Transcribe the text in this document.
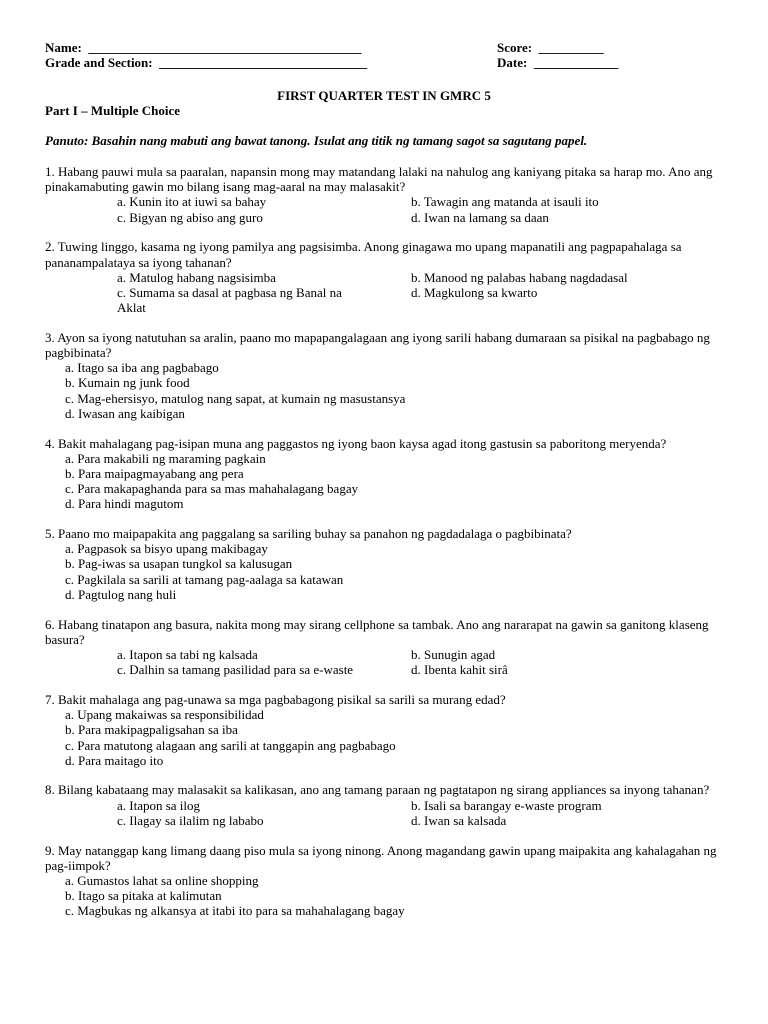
Name:  __________________________________________
Grade and Section:  ________________________________
Score:  __________
Date:  _____________
FIRST QUARTER TEST IN GMRC 5
Part I – Multiple Choice
Panuto: Basahin nang mabuti ang bawat tanong. Isulat ang titik ng tamang sagot sa sagutang papel.
1. Habang pauwi mula sa paaralan, napansin mong may matandang lalaki na nahulog ang kaniyang pitaka sa harap mo. Ano ang pinakamabuting gawin mo bilang isang mag-aaral na may malasakit?
a. Kunin ito at iuwi sa bahay	b. Tawagin ang matanda at isauli ito
c. Bigyan ng abiso ang guro	d. Iwan na lamang sa daan
2. Tuwing linggo, kasama ng iyong pamilya ang pagsisimba. Anong ginagawa mo upang mapanatili ang pagpapahalaga sa pananampalataya sa iyong tahanan?
a. Matulog habang nagsisimba	b. Manood ng palabas habang nagdadasal
c. Sumama sa dasal at pagbasa ng Banal na Aklat
d. Magkulong sa kwarto
3. Ayon sa iyong natutuhan sa aralin, paano mo mapapangalagaan ang iyong sarili habang dumaraan sa pisikal na pagbabago ng pagbibinata?
a. Itago sa iba ang pagbabago
b. Kumain ng junk food
c. Mag-ehersisyo, matulog nang sapat, at kumain ng masustansya
d. Iwasan ang kaibigan
4. Bakit mahalagang pag-isipan muna ang paggastos ng iyong baon kaysa agad itong gastusin sa paboritong meryenda?
a. Para makabili ng maraming pagkain
b. Para maipagmayabang ang pera
c. Para makapaghanda para sa mas mahahalagang bagay
d. Para hindi magutom
5. Paano mo maipapakita ang paggalang sa sariling buhay sa panahon ng pagdadalaga o pagbibinata?
a. Pagpasok sa bisyo upang makibagay
b. Pag-iwas sa usapan tungkol sa kalusugan
c. Pagkilala sa sarili at tamang pag-aalaga sa katawan
d. Pagtulog nang huli
6. Habang tinatapon ang basura, nakita mong may sirang cellphone sa tambak. Ano ang nararapat na gawin sa ganitong klaseng basura?
a. Itapon sa tabi ng kalsada	b. Sunugin agad
c. Dalhin sa tamang pasilidad para sa e-waste	d. Ibenta kahit sirâ
7. Bakit mahalaga ang pag-unawa sa mga pagbabagong pisikal sa sarili sa murang edad?
a. Upang makaiwas sa responsibilidad
b. Para makipagpaligsahan sa iba
c. Para matutong alagaan ang sarili at tanggapin ang pagbabago
d. Para maitago ito
8. Bilang kabataang may malasakit sa kalikasan, ano ang tamang paraan ng pagtatapon ng sirang appliances sa inyong tahanan?
a. Itapon sa ilog	b. Isali sa barangay e-waste program
c. Ilagay sa ilalim ng lababo	d. Iwan sa kalsada
9. May natanggap kang limang daang piso mula sa iyong ninong. Anong magandang gawin upang maipakita ang kahalagahan ng pag-iimpok?
a. Gumastos lahat sa online shopping
b. Itago sa pitaka at kalimutan
c. Magbukas ng alkansya at itabi ito para sa mahahalagang bagay
